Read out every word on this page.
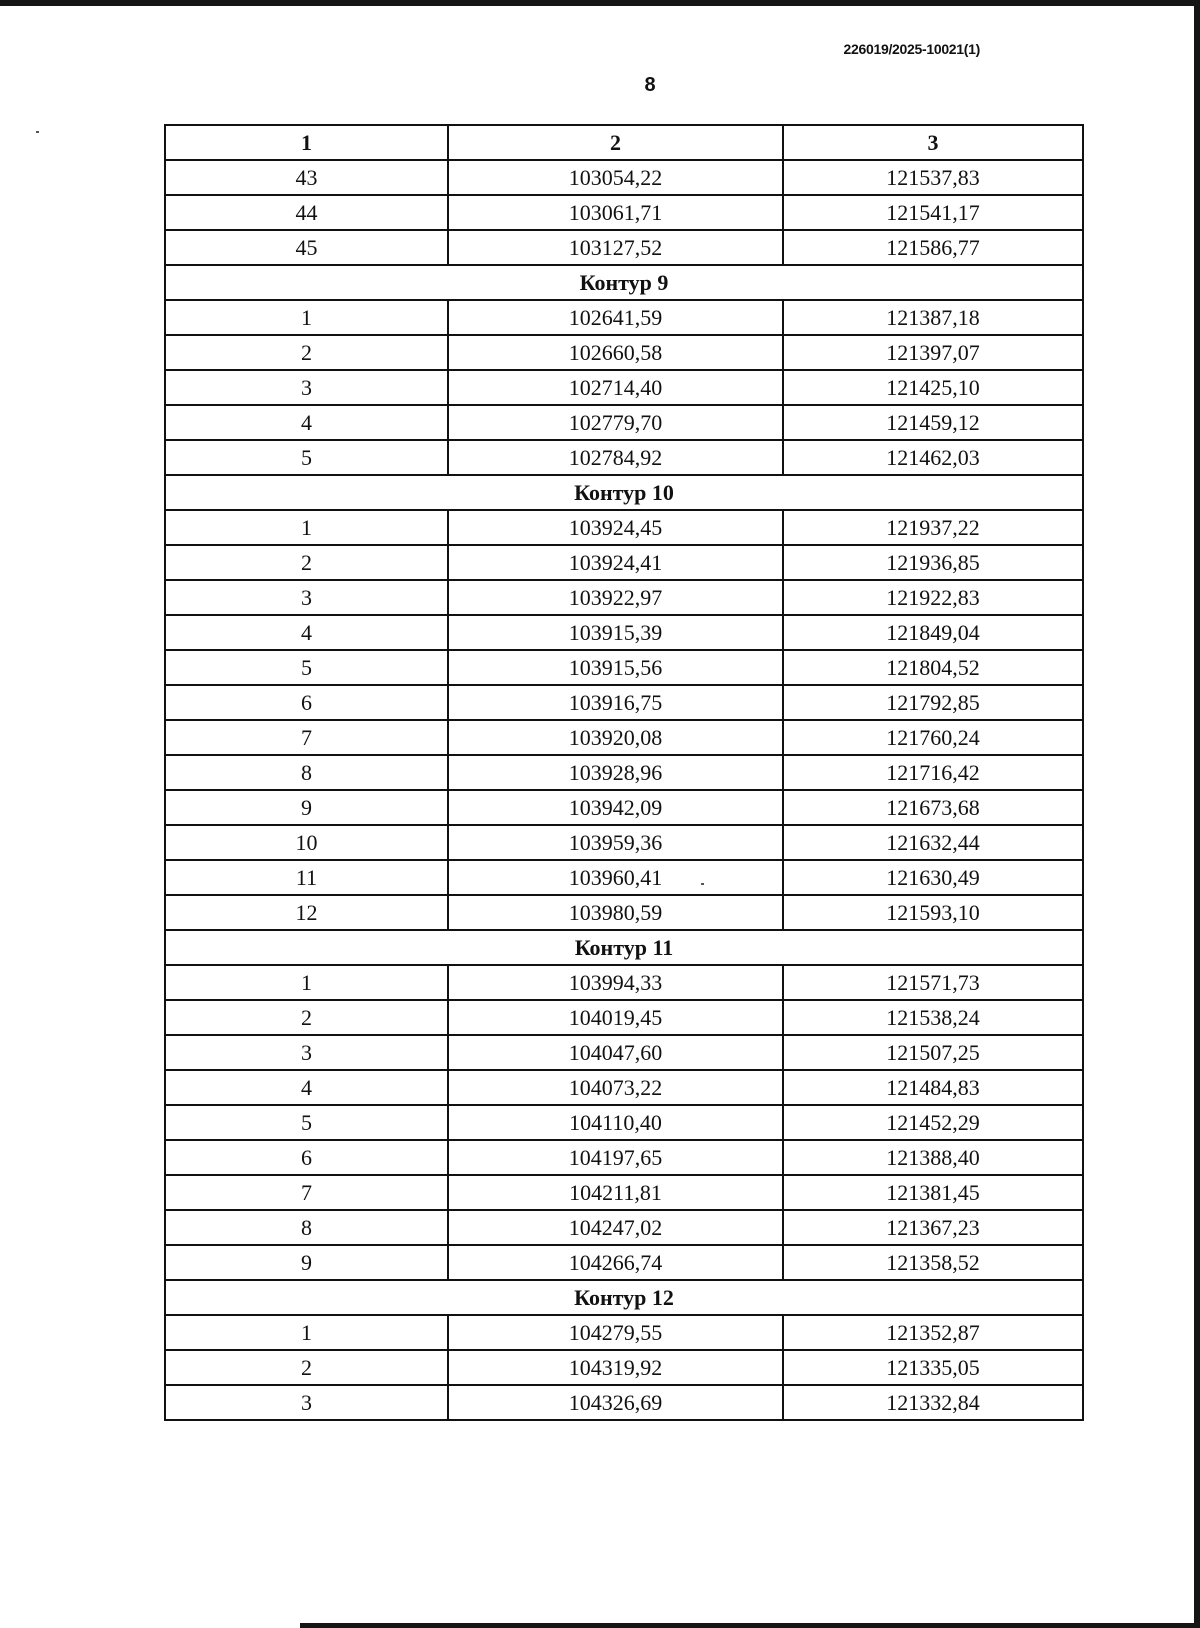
226019/2025-10021(1)
8
1	2	3
43	103054,22	121537,83
44	103061,71	121541,17
45	103127,52	121586,77
Контур 9		
1	102641,59	121387,18
2	102660,58	121397,07
3	102714,40	121425,10
4	102779,70	121459,12
5	102784,92	121462,03
Контур 10		
1	103924,45	121937,22
2	103924,41	121936,85
3	103922,97	121922,83
4	103915,39	121849,04
5	103915,56	121804,52
6	103916,75	121792,85
7	103920,08	121760,24
8	103928,96	121716,42
9	103942,09	121673,68
10	103959,36	121632,44
11	103960,41	121630,49
12	103980,59	121593,10
Контур 11		
1	103994,33	121571,73
2	104019,45	121538,24
3	104047,60	121507,25
4	104073,22	121484,83
5	104110,40	121452,29
6	104197,65	121388,40
7	104211,81	121381,45
8	104247,02	121367,23
9	104266,74	121358,52
Контур 12		
1	104279,55	121352,87
2	104319,92	121335,05
3	104326,69	121332,84
